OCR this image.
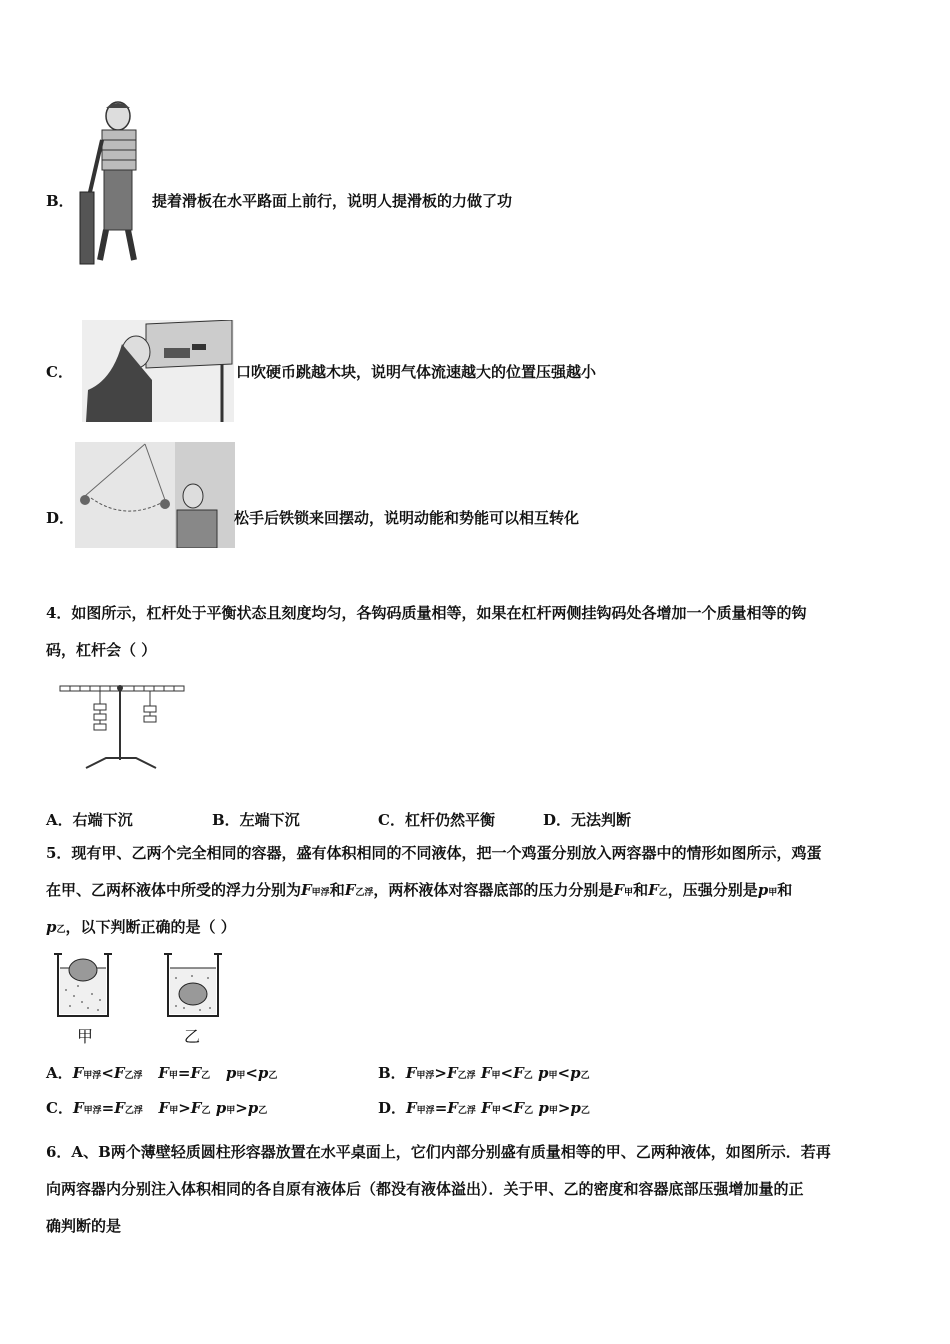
B．	提着滑板在水平路面上前行，说明人提滑板的力做了功
C．	口吹硬币跳越木块，说明气体流速越大的位置压强越小
D．	松手后铁锁来回摆动，说明动能和势能可以相互转化
4．如图所示，杠杆处于平衡状态且刻度均匀，各钩码质量相等，如果在杠杆两侧挂钩码处各增加一个质量相等的钩
码，杠杆会（ ）
A．右端下沉	B．左端下沉	C．杠杆仍然平衡	D．无法判断
5．现有甲、乙两个完全相同的容器，盛有体积相同的不同液体，把一个鸡蛋分别放入两容器中的情形如图所示，鸡蛋
在甲、乙两杯液体中所受的浮力分别为F甲浮和F乙浮，两杯液体对容器底部的压力分别是F甲和F乙，压强分别是p甲和
p乙，以下判断正确的是（ ）
甲	乙
A．F甲浮<F乙浮 F甲=F乙 p甲<p乙	B．F甲浮>F乙浮 F甲<F乙 p甲<p乙
C．F甲浮=F乙浮 F甲>F乙 p甲>p乙	D．F甲浮=F乙浮 F甲<F乙 p甲>p乙
6．A、B两个薄壁轻质圆柱形容器放置在水平桌面上，它们内部分别盛有质量相等的甲、乙两种液体，如图所示．若再
向两容器内分别注入体积相同的各自原有液体后（都没有液体溢出）．关于甲、乙的密度和容器底部压强增加量的正
确判断的是
